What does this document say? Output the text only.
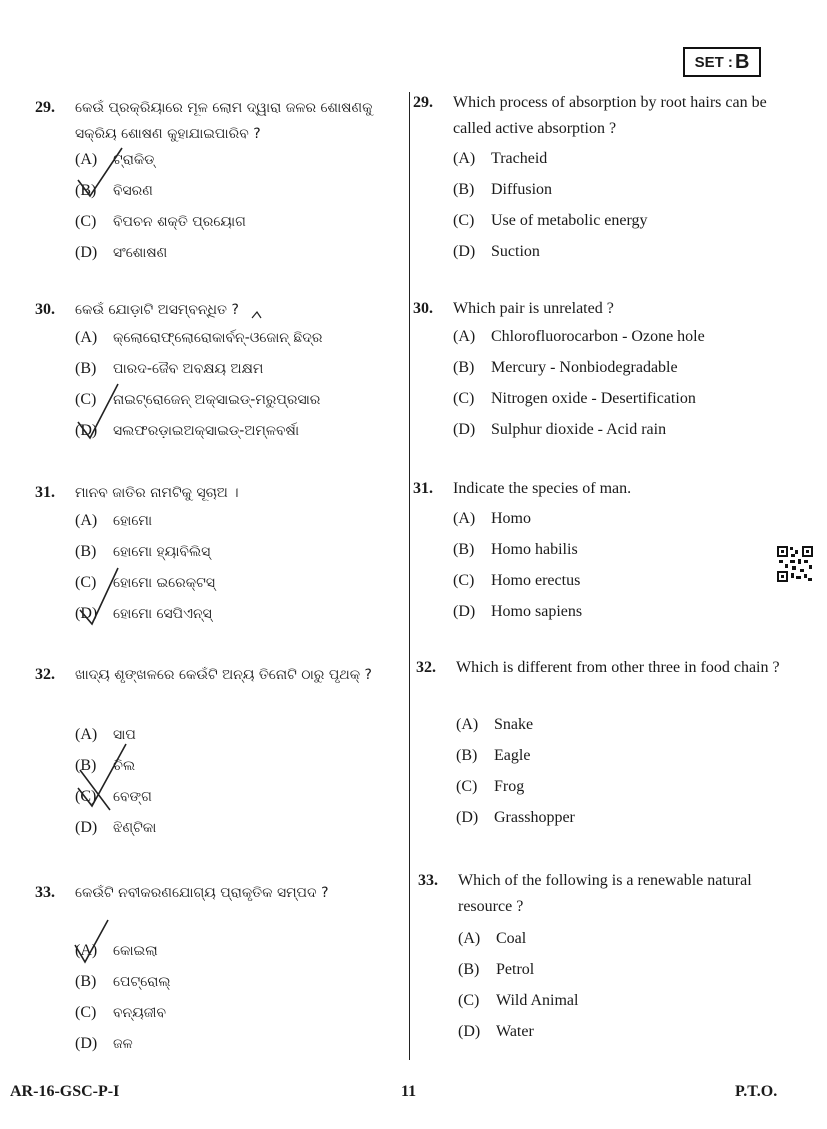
SET : B
29. କେଉଁ ପ୍ରକ୍ରିୟାରେ ମୂଳ ଲୋମ ଦ୍ୱାରା ଜଳର ଶୋଷଣକୁ ସକ୍ରିୟ ଶୋଷଣ କୁହାଯାଇପାରିବ ?
(A) ଟ୍ରାକିଡ୍
(B) ବିସରଣ
(C) ବିପଚନ ଶକ୍ତି ପ୍ରୟୋଗ
(D) ସଂଶୋଷଣ
30. କେଉଁ ଯୋଡ଼ାଟି ଅସମ୍ବନ୍ଧିତ ?
(A) କ୍ଲୋରୋଫ୍ଲୋରୋକାର୍ବନ୍-ଓଜୋନ୍ ଛିଦ୍ର
(B) ପାରଦ-ଜୈବ ଅବକ୍ଷୟ ଅକ୍ଷମ
(C) ନାଇଟ୍ରୋଜେନ୍ ଅକ୍ସାଇଡ୍-ମରୁପ୍ରସାର
(D) ସଲଫରଡ଼ାଇଅକ୍ସାଇଡ୍-ଅମ୍ଳବର୍ଷା
31. ମାନବ ଜାତିର ନାମଟିକୁ ସୂଚାଅ ।
(A) ହୋମୋ
(B) ହୋମୋ ହ୍ୟାବିଲିସ୍
(C) ହୋମୋ ଇରେକ୍ଟସ୍
(D) ହୋମୋ ସେପିଏନ୍ସ୍
32. ଖାଦ୍ୟ ଶୃଙ୍ଖଳରେ କେଉଁଟି ଅନ୍ୟ ତିନୋଟି ଠାରୁ ପୃଥକ୍ ?
(A) ସାପ
(B) ଚିଲ
(C) ବେଙ୍ଗ
(D) ଝିଣ୍ଟିକା
33. କେଉଁଟି ନବୀକରଣଯୋଗ୍ୟ ପ୍ରାକୃତିକ ସମ୍ପଦ ?
(A) କୋଇଲା
(B) ପେଟ୍ରୋଲ୍
(C) ବନ୍ୟଜୀବ
(D) ଜଳ
29. Which process of absorption by root hairs can be called active absorption ?
(A) Tracheid
(B) Diffusion
(C) Use of metabolic energy
(D) Suction
30. Which pair is unrelated ?
(A) Chlorofluorocarbon - Ozone hole
(B) Mercury - Nonbiodegradable
(C) Nitrogen oxide - Desertification
(D) Sulphur dioxide - Acid rain
31. Indicate the species of man.
(A) Homo
(B) Homo habilis
(C) Homo erectus
(D) Homo sapiens
32. Which is different from other three in food chain ?
(A) Snake
(B) Eagle
(C) Frog
(D) Grasshopper
33. Which of the following is a renewable natural resource ?
(A) Coal
(B) Petrol
(C) Wild Animal
(D) Water
AR-16-GSC-P-I	11	P.T.O.
